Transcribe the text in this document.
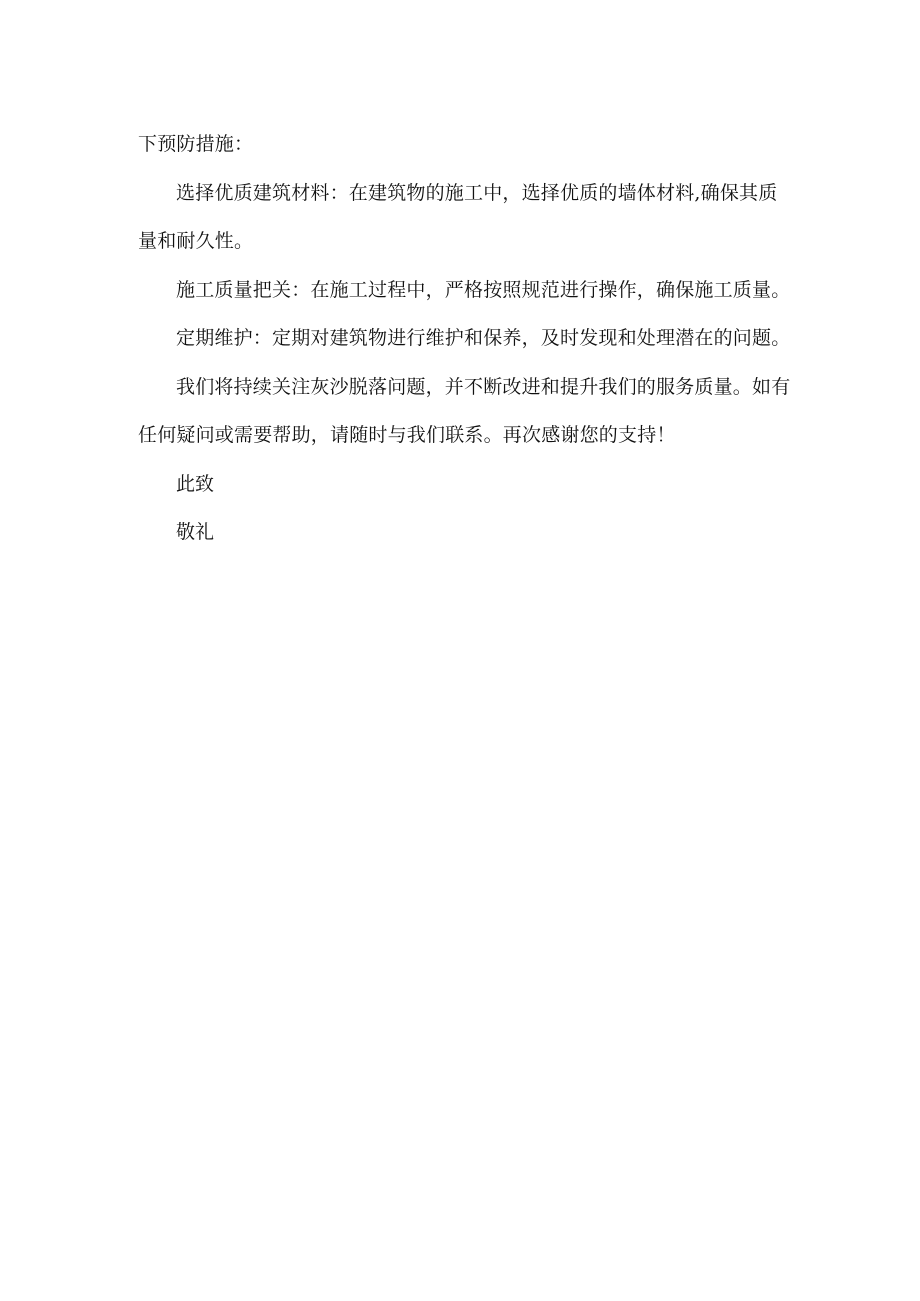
下预防措施：

选择优质建筑材料：在建筑物的施工中，选择优质的墙体材料,确保其质量和耐久性。

施工质量把关：在施工过程中，严格按照规范进行操作，确保施工质量。

定期维护：定期对建筑物进行维护和保养，及时发现和处理潜在的问题。

我们将持续关注灰沙脱落问题，并不断改进和提升我们的服务质量。如有任何疑问或需要帮助，请随时与我们联系。再次感谢您的支持！

此致

敬礼
